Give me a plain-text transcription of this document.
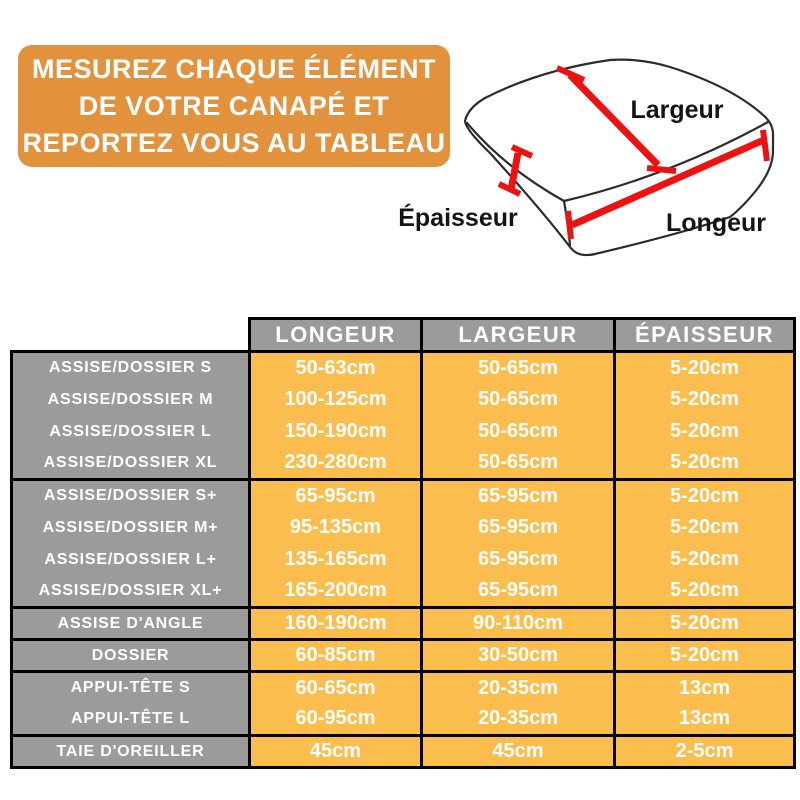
MESUREZ CHAQUE ÉLÉMENT
DE VOTRE CANAPÉ ET
REPORTEZ VOUS AU TABLEAU
Largeur
Épaisseur	Longeur
	LONGEUR	LARGEUR	ÉPAISSEUR
ASSISE/DOSSIER S	50-63cm	50-65cm	5-20cm
ASSISE/DOSSIER M	100-125cm	50-65cm	5-20cm
ASSISE/DOSSIER L	150-190cm	50-65cm	5-20cm
ASSISE/DOSSIER XL	230-280cm	50-65cm	5-20cm
ASSISE/DOSSIER S+	65-95cm	65-95cm	5-20cm
ASSISE/DOSSIER M+	95-135cm	65-95cm	5-20cm
ASSISE/DOSSIER L+	135-165cm	65-95cm	5-20cm
ASSISE/DOSSIER XL+	165-200cm	65-95cm	5-20cm
ASSISE D'ANGLE	160-190cm	90-110cm	5-20cm
DOSSIER	60-85cm	30-50cm	5-20cm
APPUI-TÊTE S	60-65cm	20-35cm	13cm
APPUI-TÊTE L	60-95cm	20-35cm	13cm
TAIE D'OREILLER	45cm	45cm	2-5cm
